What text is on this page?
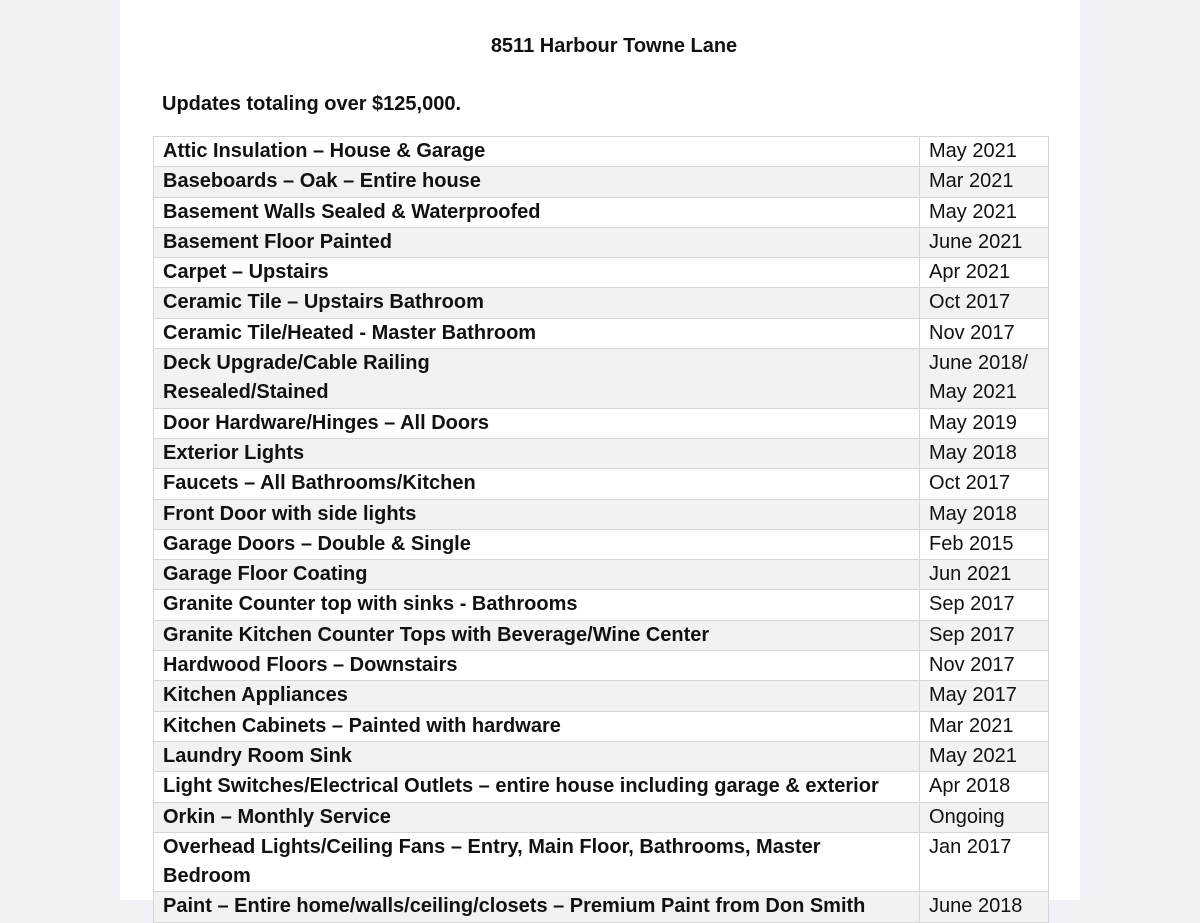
8511 Harbour Towne Lane
Updates totaling over $125,000.
Attic Insulation – House & Garage	May 2021

Baseboards – Oak – Entire house	Mar 2021

Basement Walls Sealed & Waterproofed	May 2021

Basement Floor Painted	June 2021

Carpet – Upstairs	Apr 2021

Ceramic Tile – Upstairs Bathroom	Oct 2017

Ceramic Tile/Heated - Master Bathroom	Nov 2017

Deck Upgrade/Cable Railing
Resealed/Stained	June 2018/
May 2021

Door Hardware/Hinges – All Doors	May 2019

Exterior Lights	May 2018

Faucets – All Bathrooms/Kitchen	Oct 2017

Front Door with side lights	May 2018

Garage Doors – Double & Single	Feb 2015

Garage Floor Coating	Jun 2021

Granite Counter top with sinks - Bathrooms	Sep 2017

Granite Kitchen Counter Tops with Beverage/Wine Center	Sep 2017

Hardwood Floors – Downstairs	Nov 2017

Kitchen Appliances	May 2017

Kitchen Cabinets – Painted with hardware	Mar 2021

Laundry Room Sink	May 2021

Light Switches/Electrical Outlets – entire house including garage & exterior	Apr 2018

Orkin – Monthly Service	Ongoing

Overhead Lights/Ceiling Fans – Entry, Main Floor, Bathrooms, Master
Bedroom	Jan 2017

Paint – Entire home/walls/ceiling/closets – Premium Paint from Don Smith	June 2018
